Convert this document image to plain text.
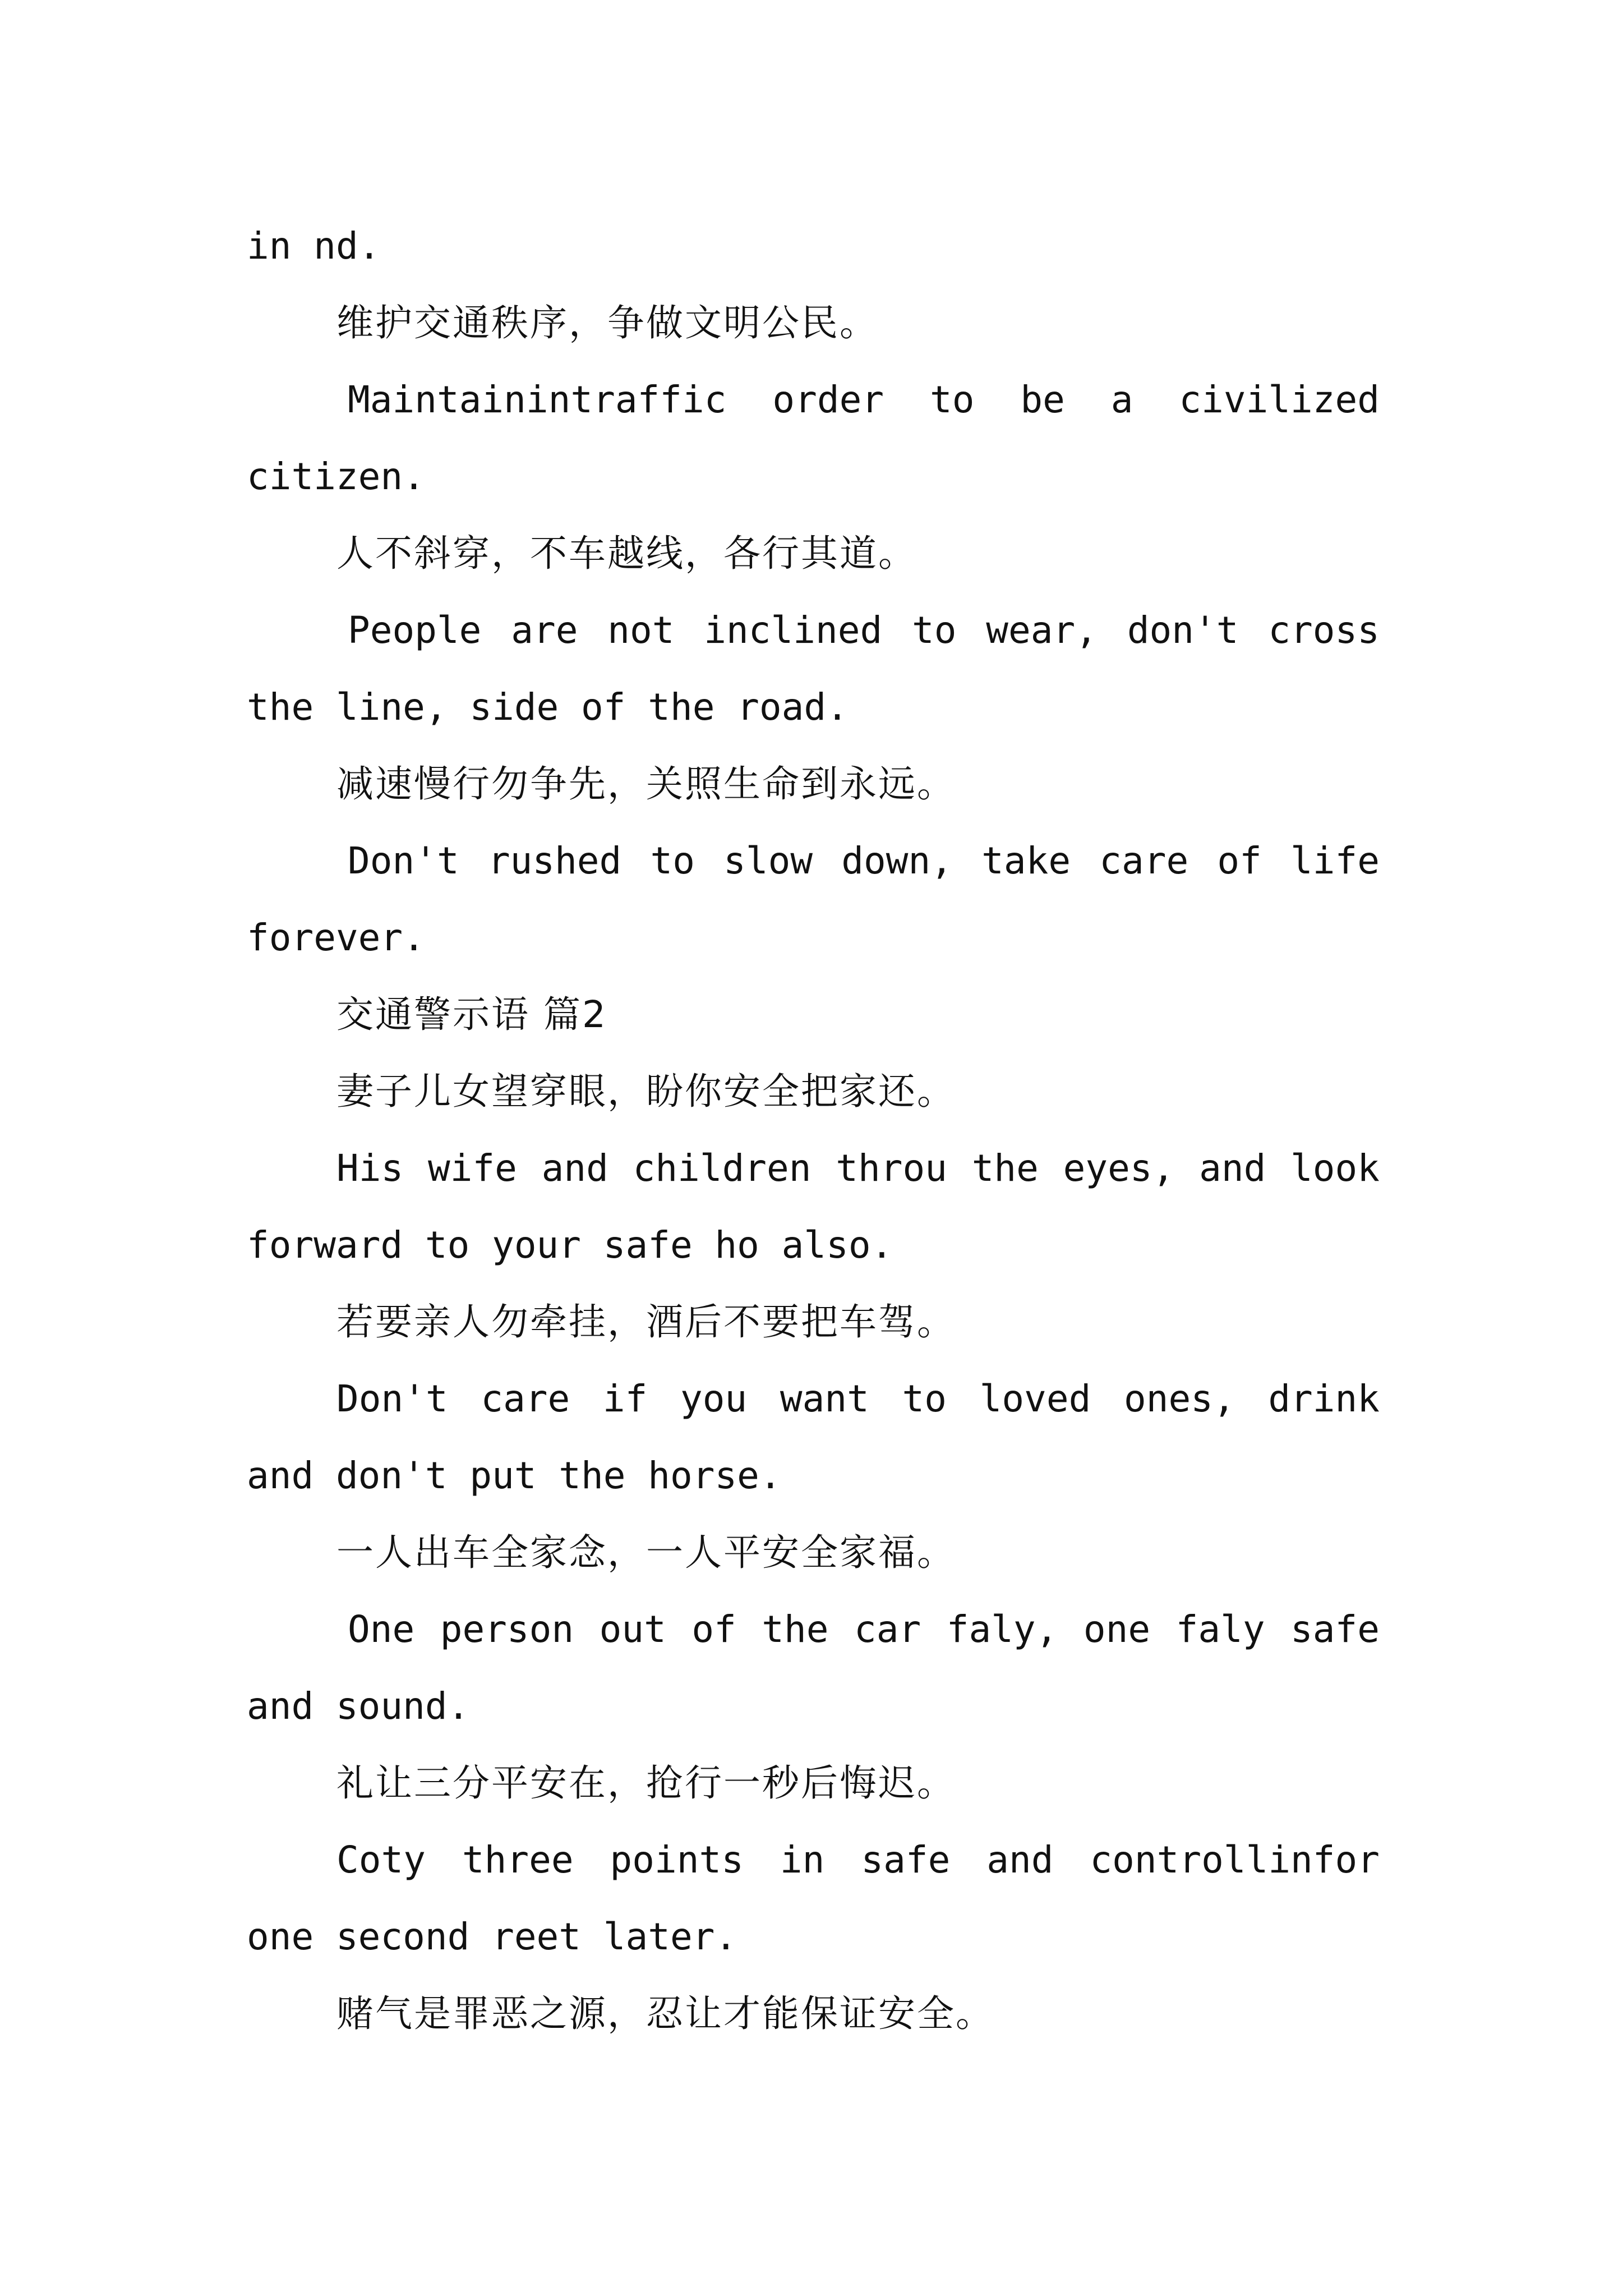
in nd.

维护交通秩序，争做文明公民。

Maintainintraffic order to be a civilized citizen.

人不斜穿，不车越线，各行其道。

People are not inclined to wear, don't cross the line, side of the road.

减速慢行勿争先，关照生命到永远。

Don't rushed to slow down, take care of life forever.

交通警示语 篇2

妻子儿女望穿眼，盼你安全把家还。

His wife and children throu the eyes, and look forward to your safe ho also.

若要亲人勿牵挂，酒后不要把车驾。

Don't care if you want to loved ones, drink and don't put the horse.

一人出车全家念，一人平安全家福。

One person out of the car faly, one faly safe and sound.

礼让三分平安在，抢行一秒后悔迟。

Coty three points in safe and controllinfor one second reet later.

赌气是罪恶之源，忍让才能保证安全。
